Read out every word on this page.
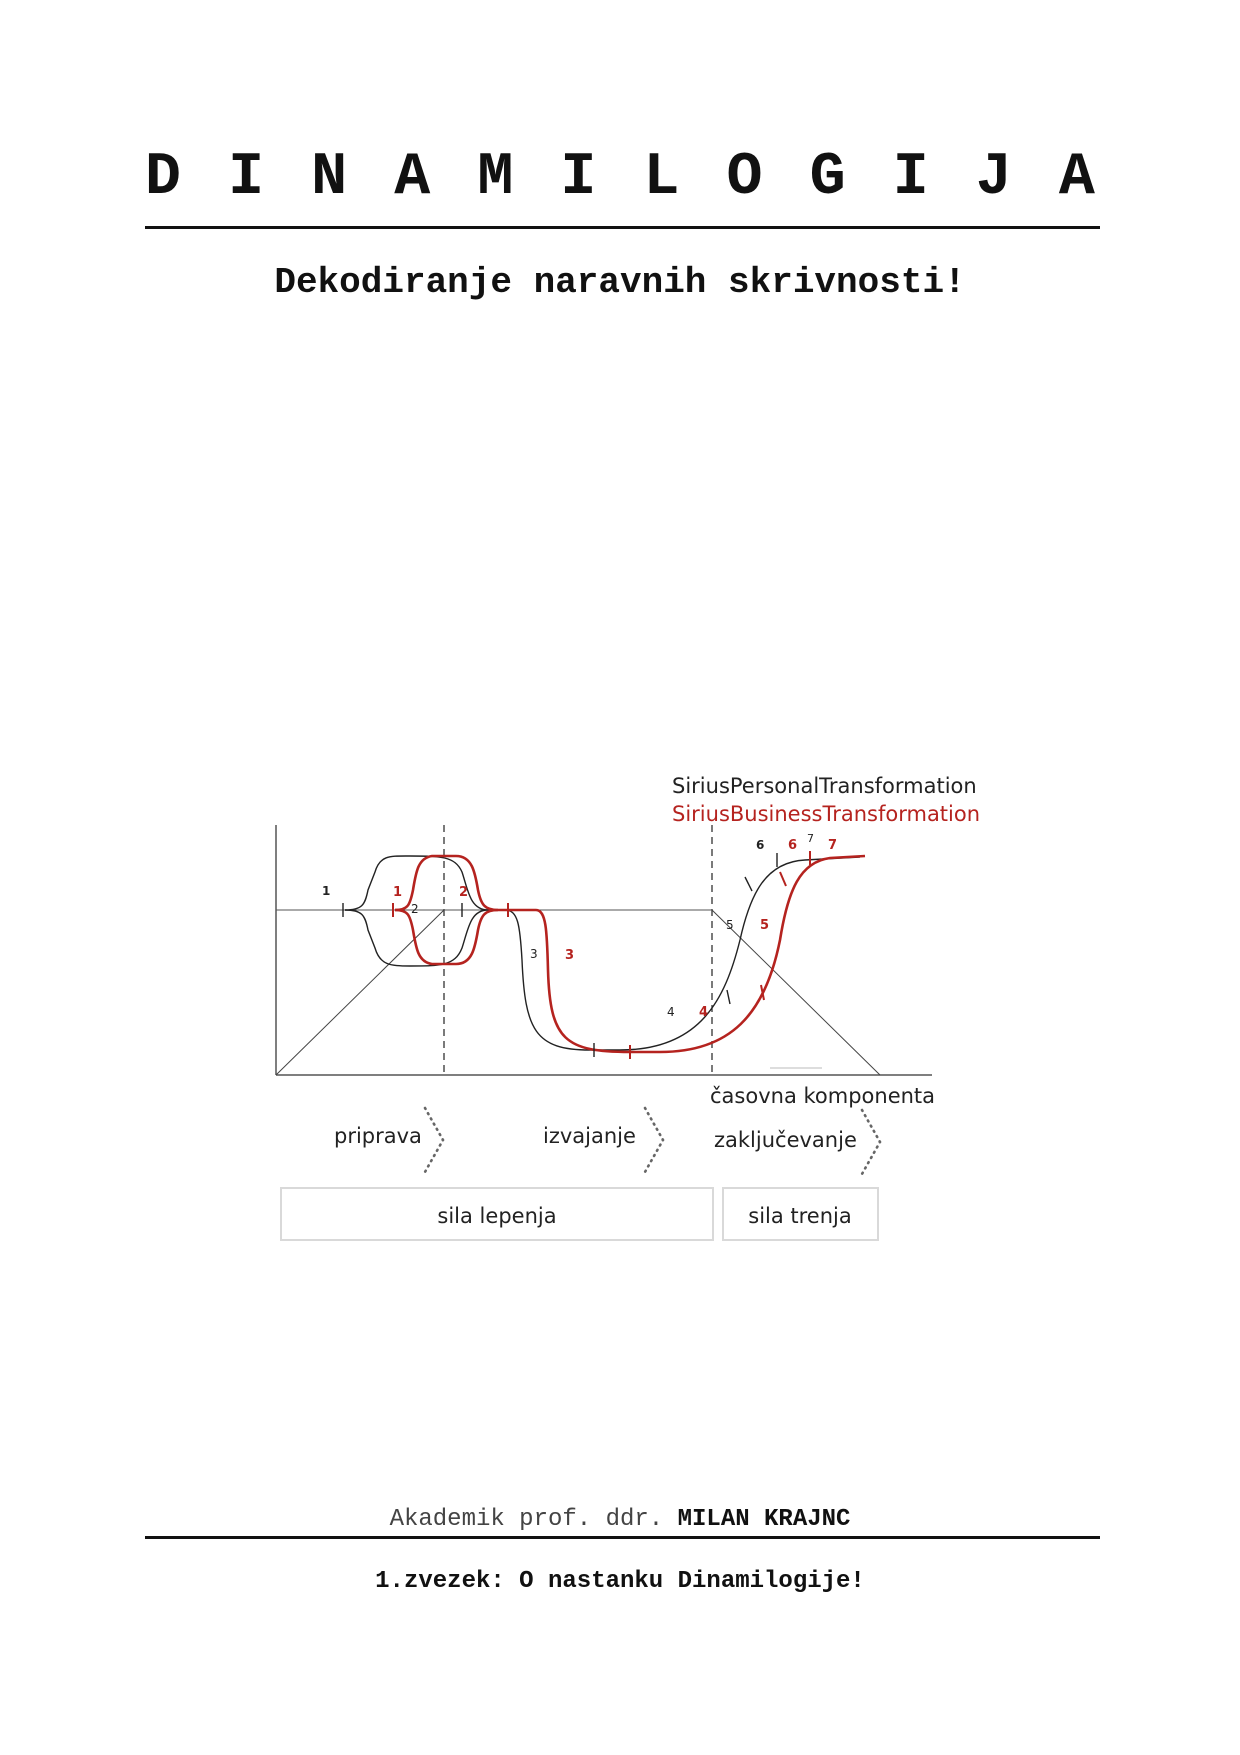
D I N A M I L O G I J A
Dekodiranje naravnih skrivnosti!
SiriusPersonalTransformation
SiriusBusinessTransformation
časovna komponenta
1
2
3
4
5
6	7
1	2
3
4
5
6 7
priprava	izvajanje	zaključevanje
sila lepenja	sila trenja
Akademik prof. ddr. MILAN KRAJNC
1.zvezek: O nastanku Dinamilogije!
